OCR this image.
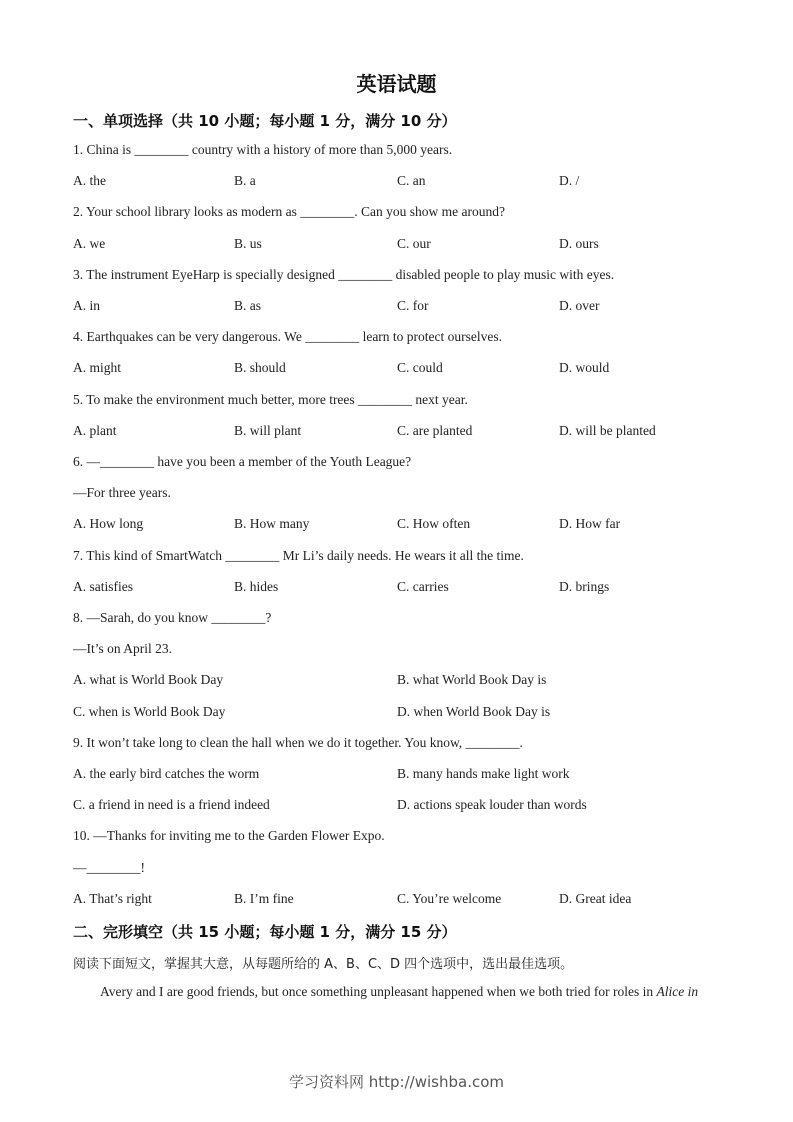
英语试题
一、单项选择（共 10 小题；每小题 1 分，满分 10 分）
1. China is ________ country with a history of more than 5,000 years.
A. the	B. a	C. an	D. /
2. Your school library looks as modern as ________. Can you show me around?
A. we	B. us	C. our	D. ours
3. The instrument EyeHarp is specially designed ________ disabled people to play music with eyes.
A. in	B. as	C. for	D. over
4. Earthquakes can be very dangerous. We ________ learn to protect ourselves.
A. might	B. should	C. could	D. would
5. To make the environment much better, more trees ________ next year.
A. plant	B. will plant	C. are planted	D. will be planted
6. —________ have you been a member of the Youth League?
—For three years.
A. How long	B. How many	C. How often	D. How far
7. This kind of SmartWatch ________ Mr Li’s daily needs. He wears it all the time.
A. satisfies	B. hides	C. carries	D. brings
8. —Sarah, do you know ________?
—It’s on April 23.
A. what is World Book Day	B. what World Book Day is
C. when is World Book Day	D. when World Book Day is
9. It won’t take long to clean the hall when we do it together. You know, ________.
A. the early bird catches the worm	B. many hands make light work
C. a friend in need is a friend indeed	D. actions speak louder than words
10. —Thanks for inviting me to the Garden Flower Expo.
—________!
A. That’s right	B. I’m fine	C. You’re welcome	D. Great idea
二、完形填空（共 15 小题；每小题 1 分，满分 15 分）
阅读下面短文，掌握其大意，从每题所给的 A、B、C、D 四个选项中，选出最佳选项。
Avery and I are good friends, but once something unpleasant happened when we both tried for roles in Alice in
学习资料网 http://wishba.com
